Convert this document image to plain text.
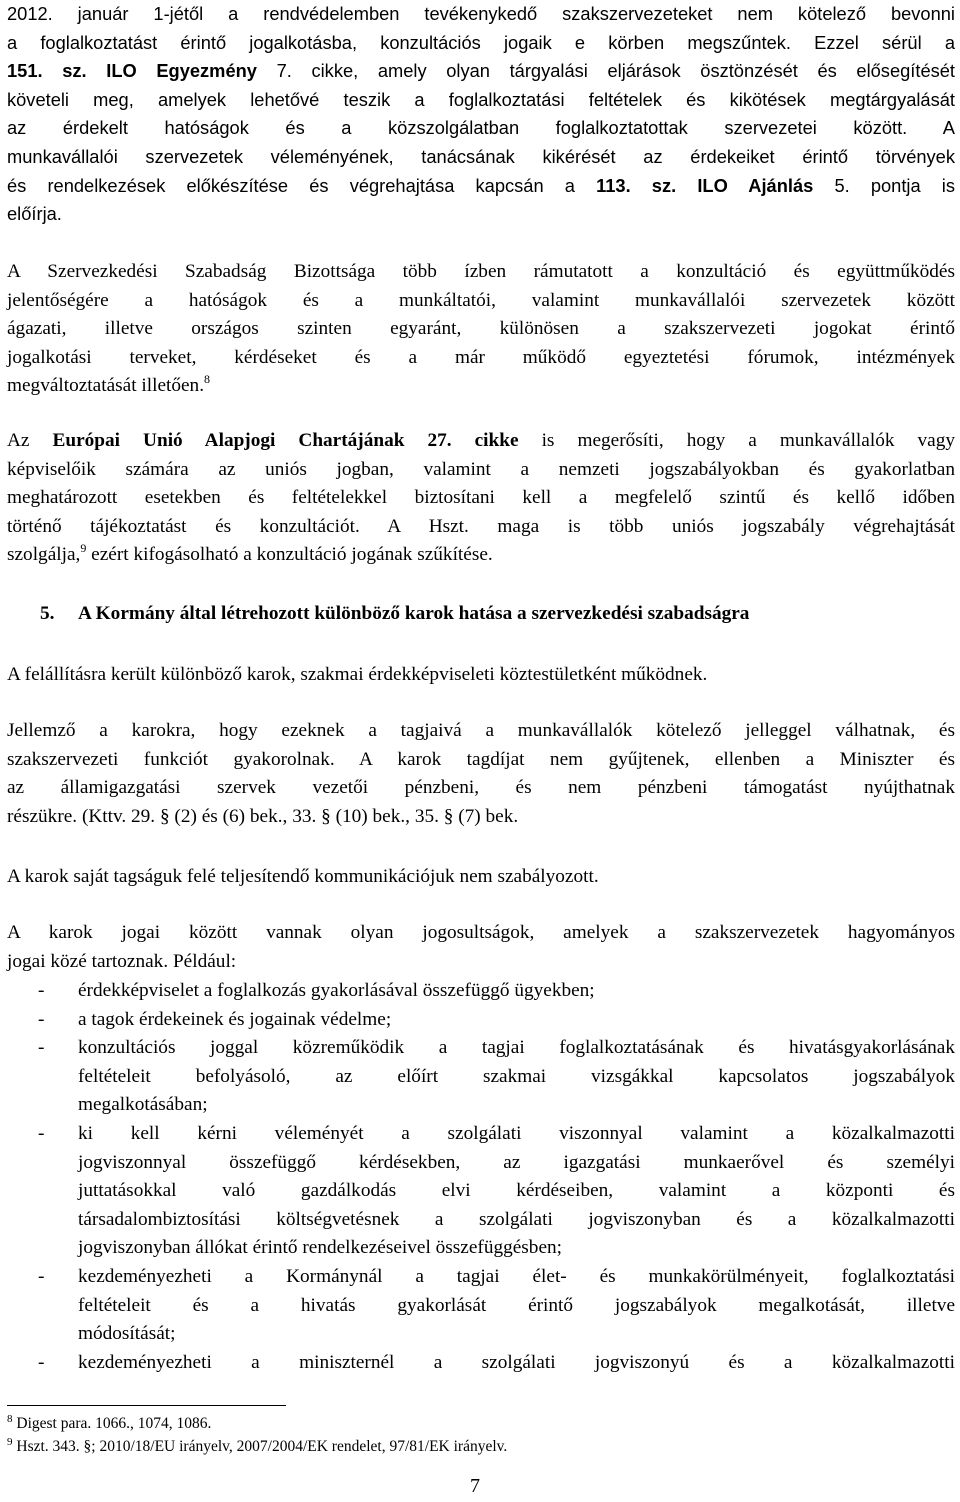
2012. január 1-jétől a rendvédelemben tevékenykedő szakszervezeteket nem kötelező bevonni
a foglalkoztatást érintő jogalkotásba, konzultációs jogaik e körben megszűntek. Ezzel sérül a
151. sz. ILO Egyezmény 7. cikke, amely olyan tárgyalási eljárások ösztönzését és elősegítését
követeli meg, amelyek lehetővé teszik a foglalkoztatási feltételek és kikötések megtárgyalását
az érdekelt hatóságok és a közszolgálatban foglalkoztatottak szervezetei között. A
munkavállalói szervezetek véleményének, tanácsának kikérését az érdekeiket érintő törvények
és rendelkezések előkészítése és végrehajtása kapcsán a 113. sz. ILO Ajánlás 5. pontja is
előírja.
A Szervezkedési Szabadság Bizottsága több ízben rámutatott a konzultáció és együttműködés
jelentőségére a hatóságok és a munkáltatói, valamint munkavállalói szervezetek között
ágazati, illetve országos szinten egyaránt, különösen a szakszervezeti jogokat érintő
jogalkotási terveket, kérdéseket és a már működő egyeztetési fórumok, intézmények
megváltoztatását illetően.$^8$
Az Európai Unió Alapjogi Chartájának 27. cikke is megerősíti, hogy a munkavállalók vagy
képviselőik számára az uniós jogban, valamint a nemzeti jogszabályokban és gyakorlatban
meghatározott esetekben és feltételekkel biztosítani kell a megfelelő szintű és kellő időben
történő tájékoztatást és konzultációt. A Hszt. maga is több uniós jogszabály végrehajtását
szolgálja,$^9$ ezért kifogásolható a konzultáció jogának szűkítése.
5. A Kormány által létrehozott különböző karok hatása a szervezkedési szabadságra
A felállításra került különböző karok, szakmai érdekképviseleti köztestületként működnek.
Jellemző a karokra, hogy ezeknek a tagjaivá a munkavállalók kötelező jelleggel válhatnak, és
szakszervezeti funkciót gyakorolnak. A karok tagdíjat nem gyűjtenek, ellenben a Miniszter és
az államigazgatási szervek vezetői pénzbeni, és nem pénzbeni támogatást nyújthatnak
részükre. (Kttv. 29. § (2) és (6) bek., 33. § (10) bek., 35. § (7) bek.
A karok saját tagságuk felé teljesítendő kommunikációjuk nem szabályozott.
A karok jogai között vannak olyan jogosultságok, amelyek a szakszervezetek hagyományos
jogai közé tartoznak. Például:
- érdekképviselet a foglalkozás gyakorlásával összefüggő ügyekben;
- a tagok érdekeinek és jogainak védelme;
- konzultációs joggal közreműködik a tagjai foglalkoztatásának és hivatásgyakorlásának
feltételeit befolyásoló, az előírt szakmai vizsgákkal kapcsolatos jogszabályok
megalkotásában;
- ki kell kérni véleményét a szolgálati viszonnyal valamint a közalkalmazotti
jogviszonnyal összefüggő kérdésekben, az igazgatási munkaerővel és személyi
juttatásokkal való gazdálkodás elvi kérdéseiben, valamint a központi és
társadalombiztosítási költségvetésnek a szolgálati jogviszonyban és a közalkalmazotti
jogviszonyban állókat érintő rendelkezéseivel összefüggésben;
- kezdeményezheti a Kormánynál a tagjai élet- és munkakörülményeit, foglalkoztatási
feltételeit és a hivatás gyakorlását érintő jogszabályok megalkotását, illetve
módosítását;
- kezdeményezheti a miniszternél a szolgálati jogviszonyú és a közalkalmazotti
$^8$ Digest para. 1066., 1074, 1086.
$^9$ Hszt. 343. §; 2010/18/EU irányelv, 2007/2004/EK rendelet, 97/81/EK irányelv.
7
